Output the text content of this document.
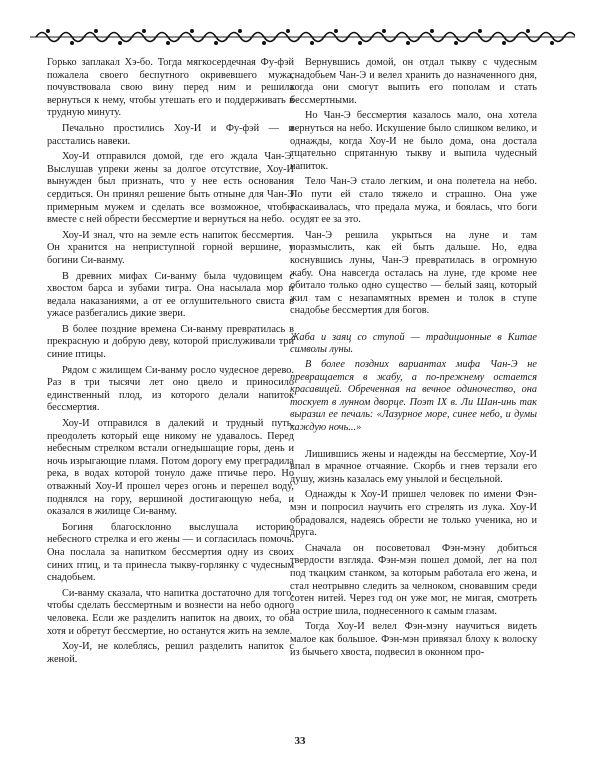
Горько заплакал Хэ-бо. Тогда мягкосердечная Фу-фэй пожалела своего беспутного окривевшего мужа, почувствовала свою вину перед ним и решила вернуться к нему, чтобы утешать его и поддерживать в трудную минуту.

Печально простились Хоу-И и Фу-фэй — и расстались навеки.

Хоу-И отправился домой, где его ждала Чан-Э. Выслушав упреки жены за долгое отсутствие, Хоу-И вынужден был признать, что у нее есть основания сердиться. Он принял решение быть отныне для Чан-Э примерным мужем и сделать все возможное, чтобы вместе с ней обрести бессмертие и вернуться на небо.

Хоу-И знал, что на земле есть напиток бессмертия. Он хранится на неприступной горной вершине, у богини Си-ванму.

В древних мифах Си-ванму была чудовищем с хвостом барса и зубами тигра. Она насылала мор и ведала наказаниями, а от ее оглушительного свиста в ужасе разбегались дикие звери.

В более поздние времена Си-ванму превратилась в прекрасную и добрую деву, которой прислуживали три синие птицы.

Рядом с жилищем Си-ванму росло чудесное дерево. Раз в три тысячи лет оно цвело и приносило единственный плод, из которого делали напиток бессмертия.

Хоу-И отправился в далекий и трудный путь, преодолеть который еще никому не удавалось. Перед небесным стрелком встали огнедышащие горы, день и ночь изрыгающие пламя. Потом дорогу ему преградила река, в водах которой тонуло даже птичье перо. Но отважный Хоу-И прошел через огонь и перешел воду, поднялся на гору, вершиной достигающую неба, и оказался в жилище Си-ванму.

Богиня благосклонно выслушала историю небесного стрелка и его жены — и согласилась помочь. Она послала за напитком бессмертия одну из своих синих птиц, и та принесла тыкву-горлянку с чудесным снадобьем.

Си-ванму сказала, что напитка достаточно для того, чтобы сделать бессмертным и вознести на небо одного человека. Если же разделить напиток на двоих, то оба хотя и обретут бессмертие, но останутся жить на земле.

Хоу-И, не колеблясь, решил разделить напиток с женой.

Вернувшись домой, он отдал тыкву с чудесным снадобьем Чан-Э и велел хранить до назначенного дня, когда они смогут выпить его пополам и стать бессмертными.

Но Чан-Э бессмертия казалось мало, она хотела вернуться на небо. Искушение было слишком велико, и однажды, когда Хоу-И не было дома, она достала тщательно спрятанную тыкву и выпила чудесный напиток.

Тело Чан-Э стало легким, и она полетела на небо. По пути ей стало тяжело и страшно. Она уже раскаивалась, что предала мужа, и боялась, что боги осудят ее за это.

Чан-Э решила укрыться на луне и там поразмыслить, как ей быть дальше. Но, едва коснувшись луны, Чан-Э превратилась в огромную жабу. Она навсегда осталась на луне, где кроме нее обитало только одно существо — белый заяц, который жил там с незапамятных времен и толок в ступе снадобье бессмертия для богов.

Жаба и заяц со ступой — традиционные в Китае символы луны.

В более поздних вариантах мифа Чан-Э не превращается в жабу, а по-прежнему остается красавицей. Обреченная на вечное одиночество, она тоскует в лунном дворце. Поэт IX в. Ли Шан-инь так выразил ее печаль: «Лазурное море, синее небо, и думы каждую ночь...»

Лишившись жены и надежды на бессмертие, Хоу-И впал в мрачное отчаяние. Скорбь и гнев терзали его душу, жизнь казалась ему унылой и бесцельной.

Однажды к Хоу-И пришел человек по имени Фэн-мэн и попросил научить его стрелять из лука. Хоу-И обрадовался, надеясь обрести не только ученика, но и друга.

Сначала он посоветовал Фэн-мэну добиться твердости взгляда. Фэн-мэн пошел домой, лег на пол под ткацким станком, за которым работала его жена, и стал неотрывно следить за челноком, сновавшим среди сотен нитей. Через год он уже мог, не мигая, смотреть на острие шила, поднесенного к самым глазам.

Тогда Хоу-И велел Фэн-мэну научиться видеть малое как большое. Фэн-мэн привязал блоху к волоску из бычьего хвоста, подвесил в оконном про-

33
